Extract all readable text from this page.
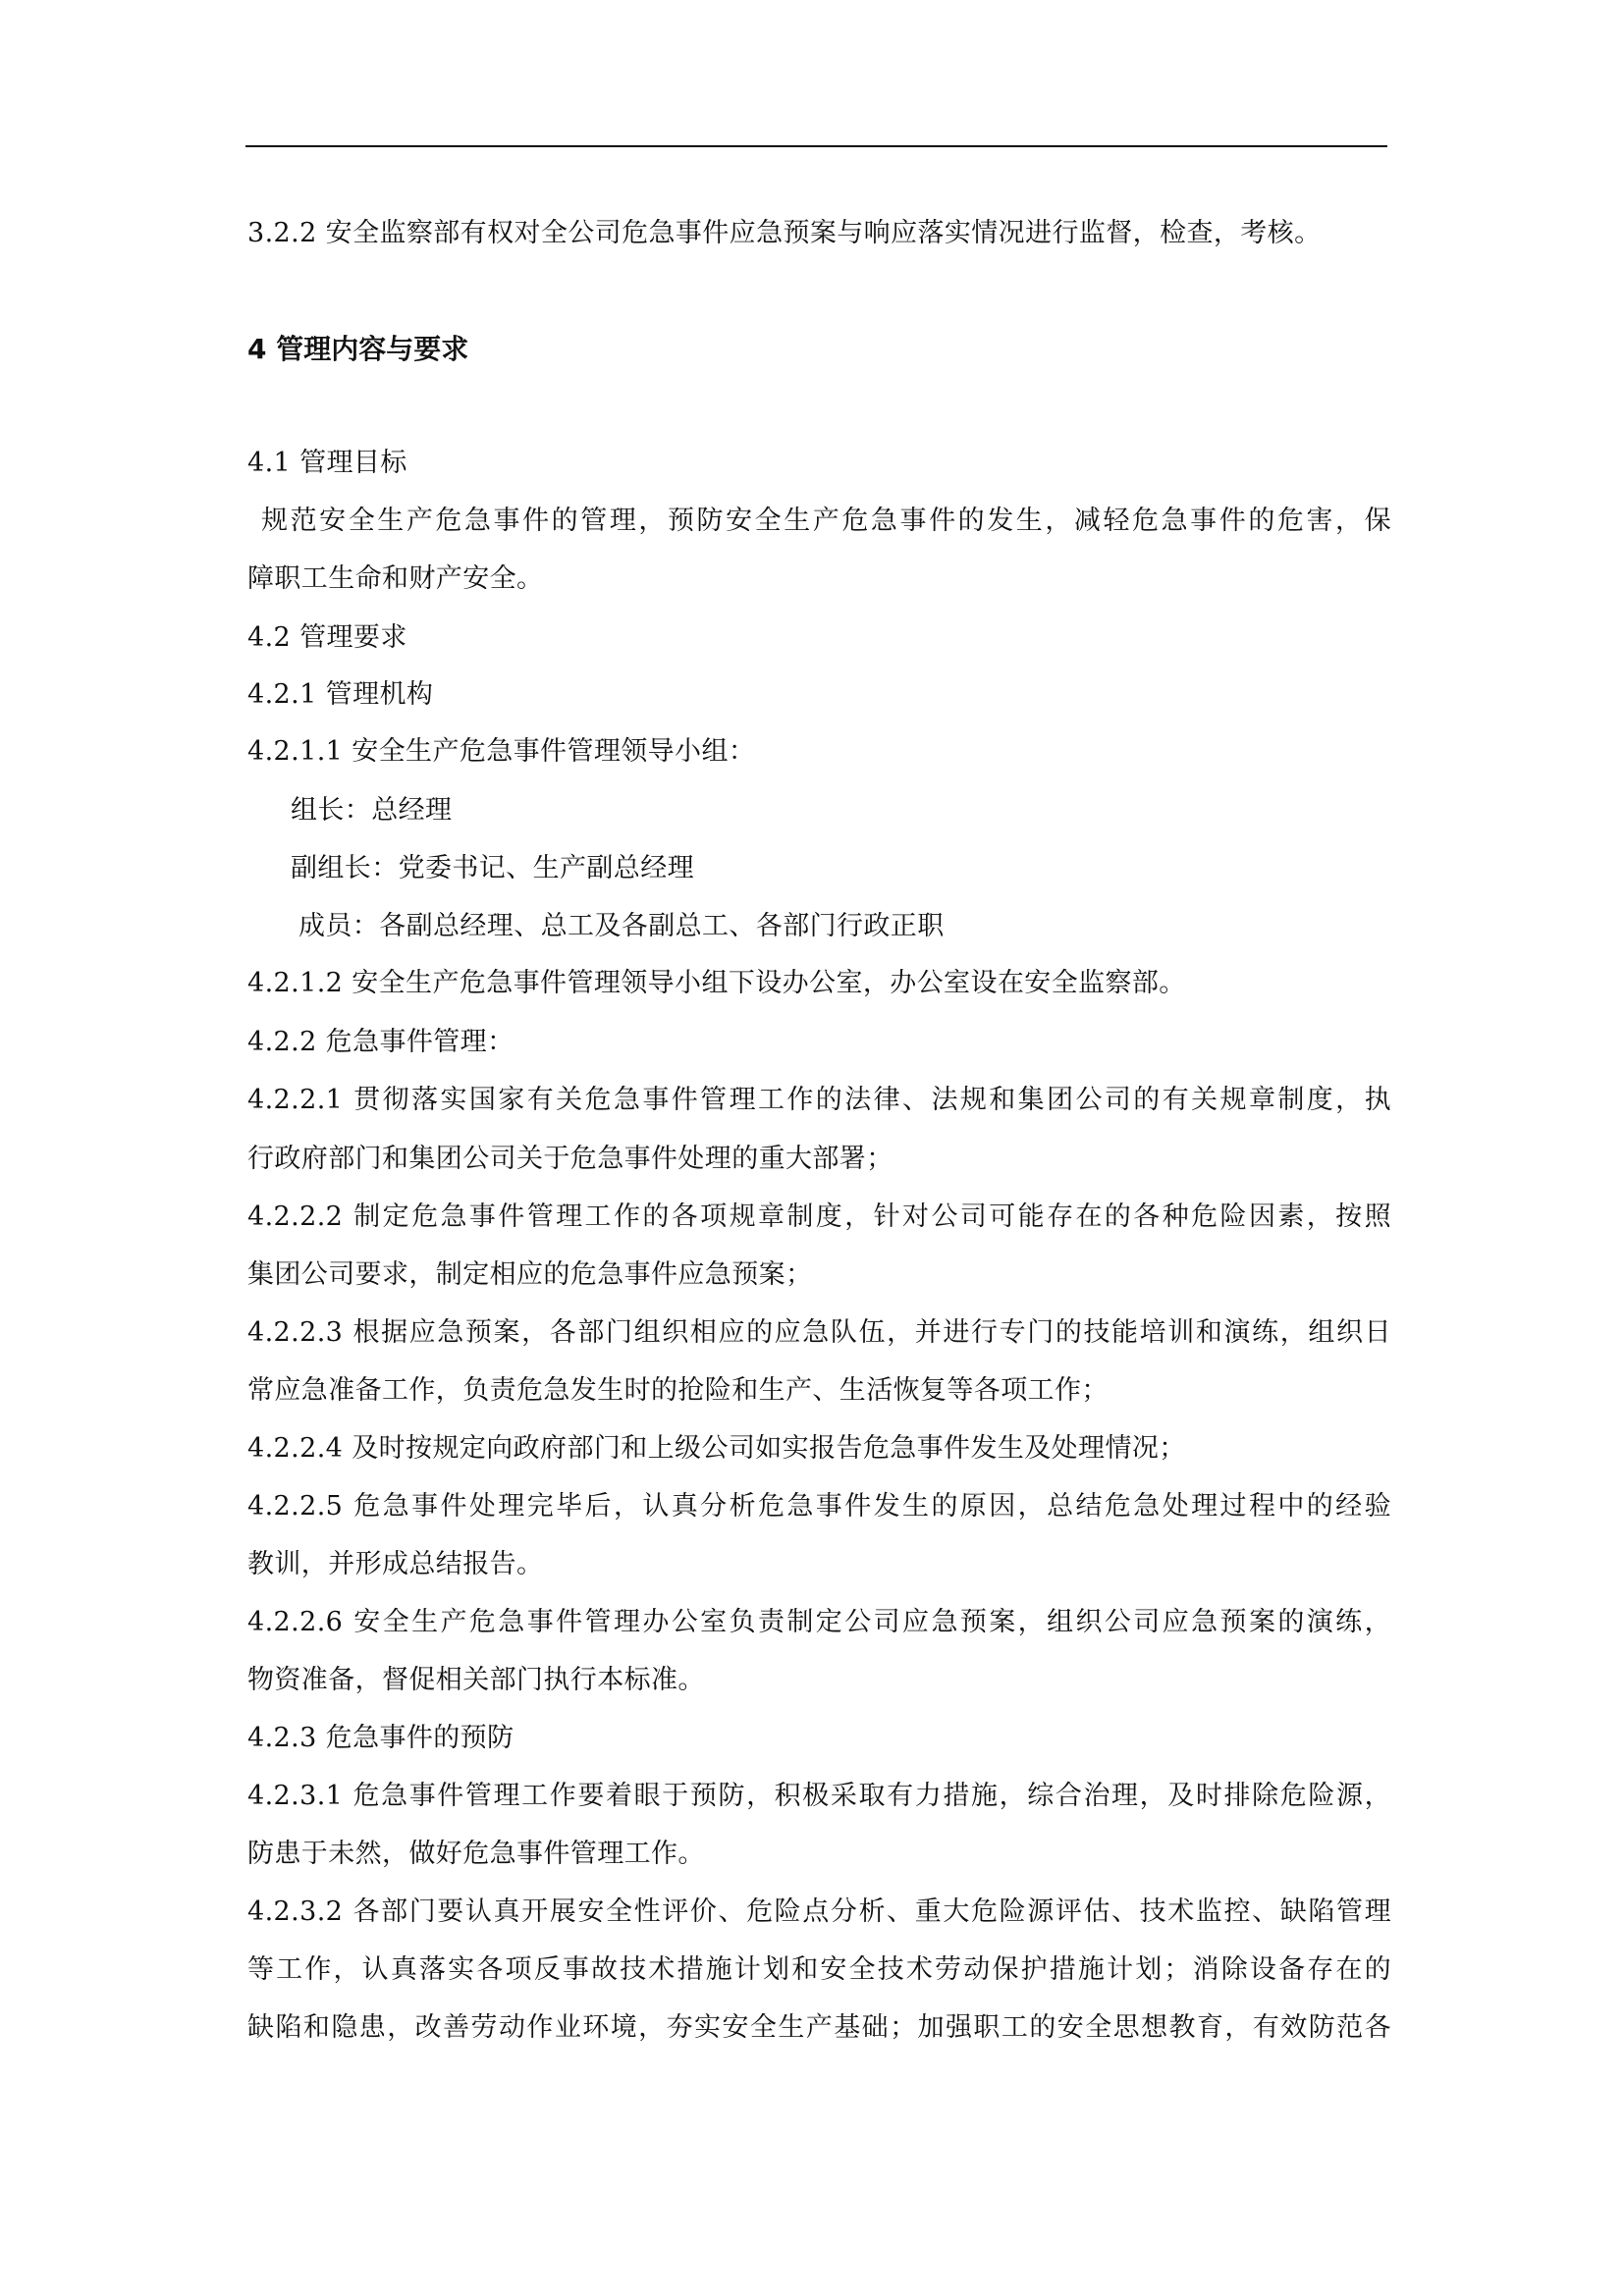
3.2.2 安全监察部有权对全公司危急事件应急预案与响应落实情况进行监督，检查，考核。
4 管理内容与要求
4.1 管理目标
规范安全生产危急事件的管理，预防安全生产危急事件的发生，减轻危急事件的危害，保
障职工生命和财产安全。
4.2 管理要求
4.2.1 管理机构
4.2.1.1 安全生产危急事件管理领导小组：
组长：总经理
副组长：党委书记、生产副总经理
成员：各副总经理、总工及各副总工、各部门行政正职
4.2.1.2 安全生产危急事件管理领导小组下设办公室，办公室设在安全监察部。
4.2.2 危急事件管理：
4.2.2.1 贯彻落实国家有关危急事件管理工作的法律、法规和集团公司的有关规章制度，执
行政府部门和集团公司关于危急事件处理的重大部署；
4.2.2.2 制定危急事件管理工作的各项规章制度，针对公司可能存在的各种危险因素，按照
集团公司要求，制定相应的危急事件应急预案；
4.2.2.3 根据应急预案，各部门组织相应的应急队伍，并进行专门的技能培训和演练，组织日
常应急准备工作，负责危急发生时的抢险和生产、生活恢复等各项工作；
4.2.2.4 及时按规定向政府部门和上级公司如实报告危急事件发生及处理情况；
4.2.2.5 危急事件处理完毕后，认真分析危急事件发生的原因，总结危急处理过程中的经验
教训，并形成总结报告。
4.2.2.6 安全生产危急事件管理办公室负责制定公司应急预案，组织公司应急预案的演练，
物资准备，督促相关部门执行本标准。
4.2.3 危急事件的预防
4.2.3.1 危急事件管理工作要着眼于预防，积极采取有力措施，综合治理，及时排除危险源，
防患于未然，做好危急事件管理工作。
4.2.3.2 各部门要认真开展安全性评价、危险点分析、重大危险源评估、技术监控、缺陷管理
等工作，认真落实各项反事故技术措施计划和安全技术劳动保护措施计划；消除设备存在的
缺陷和隐患，改善劳动作业环境，夯实安全生产基础；加强职工的安全思想教育，有效防范各
